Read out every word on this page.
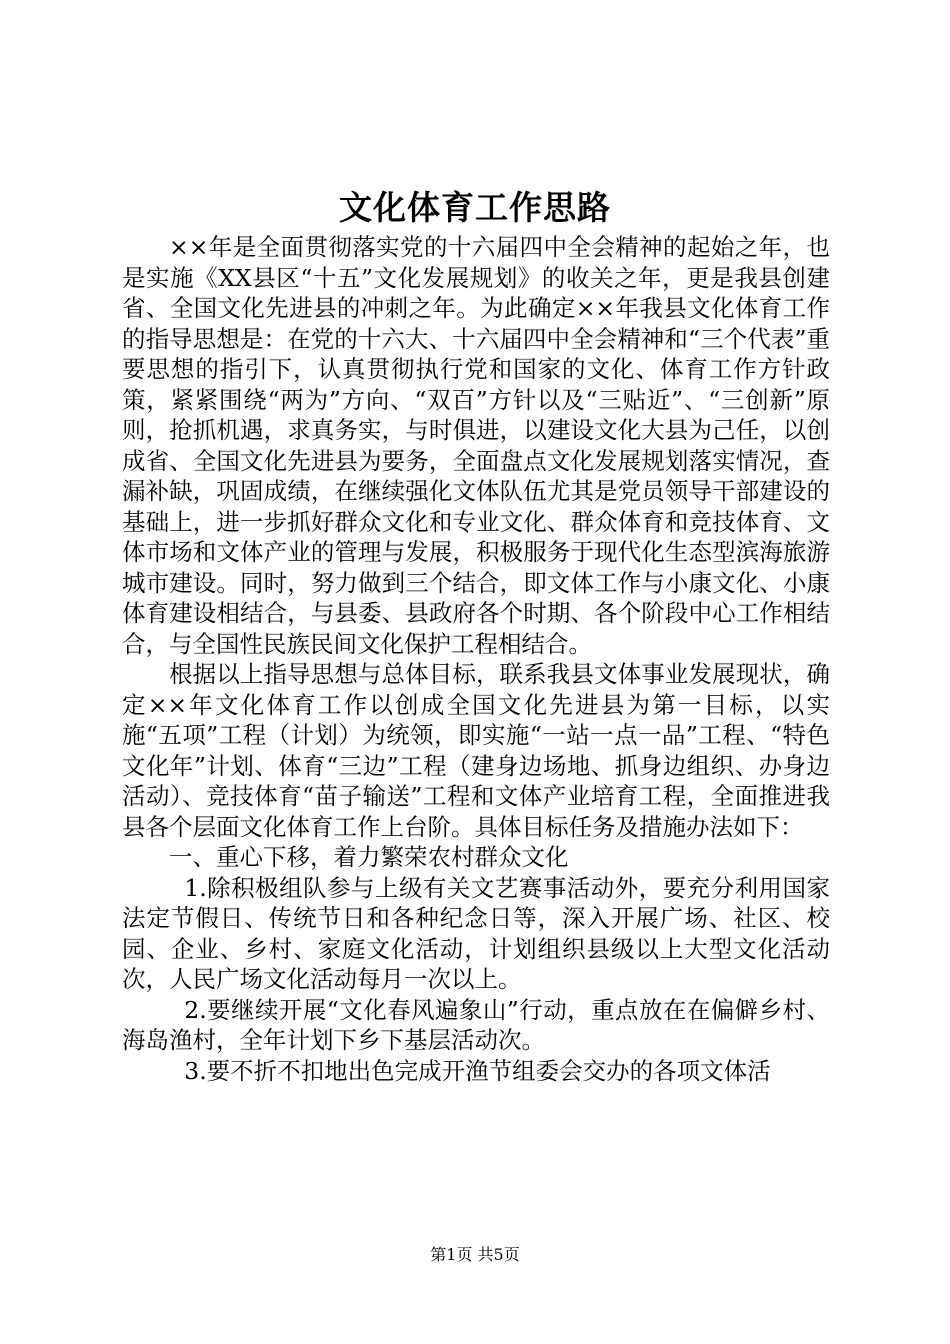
文化体育工作思路

××年是全面贯彻落实党的十六届四中全会精神的起始之年，也是实施《XX县区“十五”文化发展规划》的收关之年，更是我县创建省、全国文化先进县的冲刺之年。为此确定××年我县文化体育工作的指导思想是：在党的十六大、十六届四中全会精神和“三个代表”重要思想的指引下，认真贯彻执行党和国家的文化、体育工作方针政策，紧紧围绕“两为”方向、“双百”方针以及“三贴近”、“三创新”原则，抢抓机遇，求真务实，与时俱进，以建设文化大县为己任，以创成省、全国文化先进县为要务，全面盘点文化发展规划落实情况，查漏补缺，巩固成绩，在继续强化文体队伍尤其是党员领导干部建设的基础上，进一步抓好群众文化和专业文化、群众体育和竞技体育、文体市场和文体产业的管理与发展，积极服务于现代化生态型滨海旅游城市建设。同时，努力做到三个结合，即文体工作与小康文化、小康体育建设相结合，与县委、县政府各个时期、各个阶段中心工作相结合，与全国性民族民间文化保护工程相结合。

根据以上指导思想与总体目标，联系我县文体事业发展现状，确定××年文化体育工作以创成全国文化先进县为第一目标，以实施“五项”工程（计划）为统领，即实施“一站一点一品”工程、“特色文化年”计划、体育“三边”工程（建身边场地、抓身边组织、办身边活动）、竞技体育“苗子输送”工程和文体产业培育工程，全面推进我县各个层面文化体育工作上台阶。具体目标任务及措施办法如下：

一、重心下移，着力繁荣农村群众文化

1.除积极组队参与上级有关文艺赛事活动外，要充分利用国家法定节假日、传统节日和各种纪念日等，深入开展广场、社区、校园、企业、乡村、家庭文化活动，计划组织县级以上大型文化活动次，人民广场文化活动每月一次以上。

2.要继续开展“文化春风遍象山”行动，重点放在在偏僻乡村、海岛渔村，全年计划下乡下基层活动次。

3.要不折不扣地出色完成开渔节组委会交办的各项文体活

第1页 共5页
